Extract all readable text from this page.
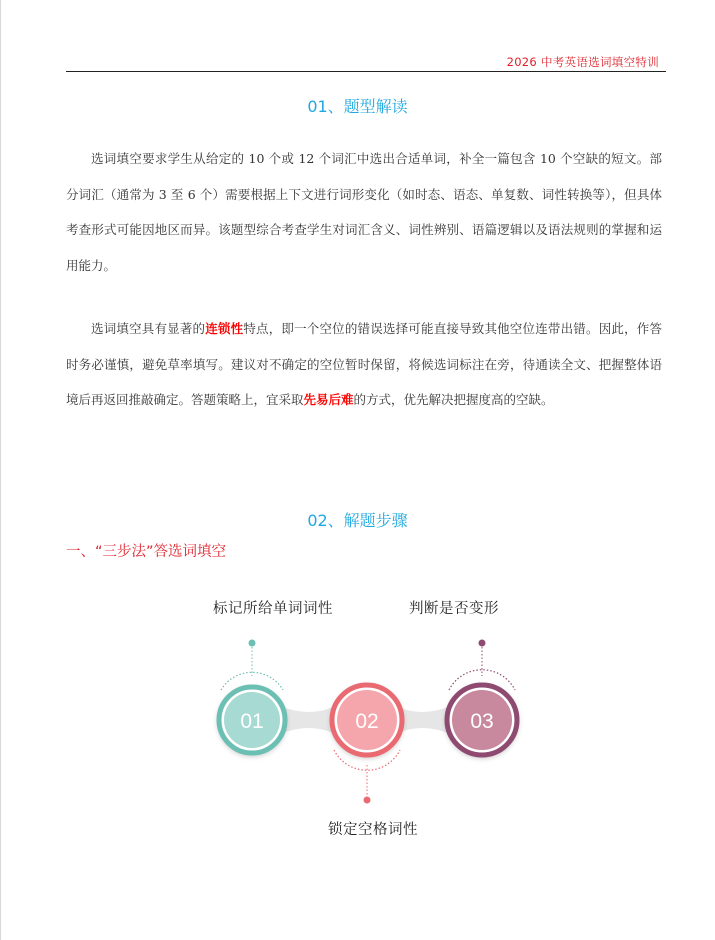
2026 中考英语选词填空特训
01、题型解读

选词填空要求学生从给定的 10 个或 12 个词汇中选出合适单词，补全一篇包含 10 个空缺的短文。部分词汇（通常为 3 至 6 个）需要根据上下文进行词形变化（如时态、语态、单复数、词性转换等），但具体考查形式可能因地区而异。该题型综合考查学生对词汇含义、词性辨别、语篇逻辑以及语法规则的掌握和运用能力。

选词填空具有显著的连锁性特点，即一个空位的错误选择可能直接导致其他空位连带出错。因此，作答时务必谨慎，避免草率填写。建议对不确定的空位暂时保留，将候选词标注在旁，待通读全文、把握整体语境后再返回推敲确定。答题策略上，宜采取先易后难的方式，优先解决把握度高的空缺。

02、解题步骤
一、“三步法”答选词填空
标记所给单词词性	判断是否变形
锁定空格词性
01	02	03
